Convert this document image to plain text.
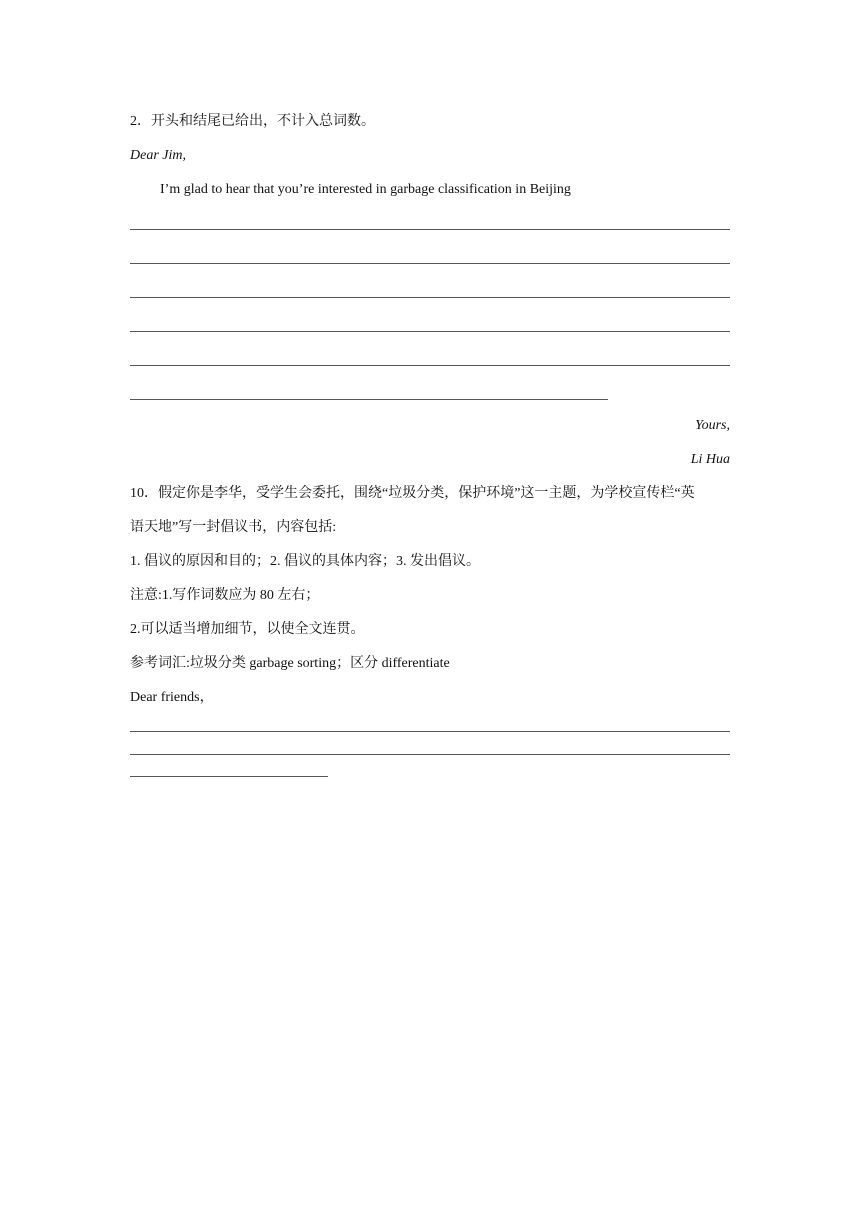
2．开头和结尾已给出，不计入总词数。
Dear Jim,
I’m glad to hear that you’re interested in garbage classification in Beijing
Yours,
Li Hua
10．假定你是李华，受学生会委托，围绕“垃圾分类，保护环境”这一主题，为学校宣传栏“英
语天地”写一封倡议书，内容包括:
1. 倡议的原因和目的；2. 倡议的具体内容；3. 发出倡议。
注意:1.写作词数应为 80 左右；
2.可以适当增加细节，以使全文连贯。
参考词汇:垃圾分类 garbage sorting；区分 differentiate
Dear friends，
